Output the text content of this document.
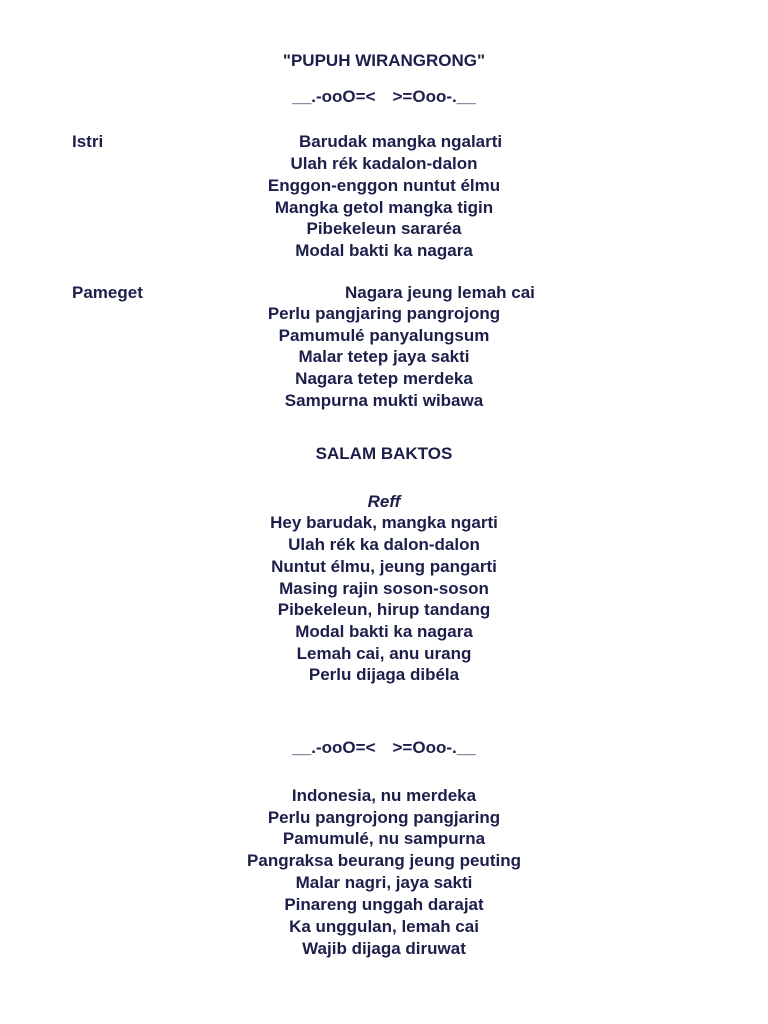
"PUPUH WIRANGRONG"
__.-ooO=< >=Ooo-.__
Istri	Barudak mangka ngalarti
Ulah rék kadalon-dalon
Enggon-enggon nuntut élmu
Mangka getol mangka tigin
Pibekeleun sararéa
Modal bakti ka nagara
Pameget	Nagara jeung lemah cai
Perlu pangjaring pangrojong
Pamumulé panyalungsum
Malar tetep jaya sakti
Nagara tetep merdeka
Sampurna mukti wibawa
 SALAM BAKTOS 
Reff
Hey barudak, mangka ngarti
Ulah rék ka dalon-dalon
Nuntut élmu, jeung pangarti
Masing rajin soson-soson
Pibekeleun, hirup tandang
Modal bakti ka nagara
Lemah cai, anu urang
Perlu dijaga dibéla
__.-ooO=< >=Ooo-.__
Indonesia, nu merdeka
Perlu pangrojong pangjaring
Pamumulé, nu sampurna
Pangraksa beurang jeung peuting
Malar nagri, jaya sakti
Pinareng unggah darajat
Ka unggulan, lemah cai
Wajib dijaga diruwat
